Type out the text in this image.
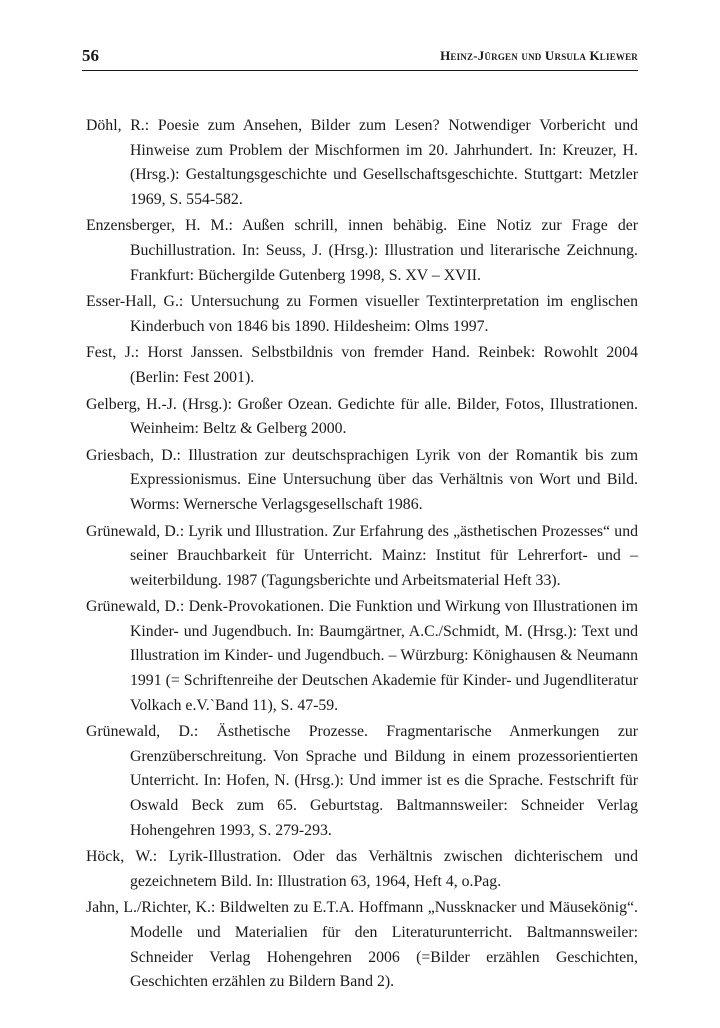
56	Heinz-Jürgen und Ursula Kliewer
Döhl, R.: Poesie zum Ansehen, Bilder zum Lesen? Notwendiger Vorbericht und Hinweise zum Problem der Mischformen im 20. Jahrhundert. In: Kreuzer, H. (Hrsg.): Gestaltungsgeschichte und Gesellschaftsgeschichte. Stuttgart: Metzler 1969, S. 554-582.
Enzensberger, H. M.: Außen schrill, innen behäbig. Eine Notiz zur Frage der Buchillustration. In: Seuss, J. (Hrsg.): Illustration und literarische Zeichnung. Frankfurt: Büchergilde Gutenberg 1998, S. XV – XVII.
Esser-Hall, G.: Untersuchung zu Formen visueller Textinterpretation im englischen Kinderbuch von 1846 bis 1890. Hildesheim: Olms 1997.
Fest, J.: Horst Janssen. Selbstbildnis von fremder Hand. Reinbek: Rowohlt 2004 (Berlin: Fest 2001).
Gelberg, H.-J. (Hrsg.): Großer Ozean. Gedichte für alle. Bilder, Fotos, Illustrationen. Weinheim: Beltz & Gelberg 2000.
Griesbach, D.: Illustration zur deutschsprachigen Lyrik von der Romantik bis zum Expressionismus. Eine Untersuchung über das Verhältnis von Wort und Bild. Worms: Wernersche Verlagsgesellschaft 1986.
Grünewald, D.: Lyrik und Illustration. Zur Erfahrung des „ästhetischen Prozesses“ und seiner Brauchbarkeit für Unterricht. Mainz: Institut für Lehrerfort- und –weiterbildung. 1987 (Tagungsberichte und Arbeitsmaterial Heft 33).
Grünewald, D.: Denk-Provokationen. Die Funktion und Wirkung von Illustrationen im Kinder- und Jugendbuch. In: Baumgärtner, A.C./Schmidt, M. (Hrsg.): Text und Illustration im Kinder- und Jugendbuch. – Würzburg: Könighausen & Neumann 1991 (= Schriftenreihe der Deutschen Akademie für Kinder- und Jugendliteratur Volkach e.V.`Band 11), S. 47-59.
Grünewald, D.: Ästhetische Prozesse. Fragmentarische Anmerkungen zur Grenzüberschreitung. Von Sprache und Bildung in einem prozessorientierten Unterricht. In: Hofen, N. (Hrsg.): Und immer ist es die Sprache. Festschrift für Oswald Beck zum 65. Geburtstag. Baltmannsweiler: Schneider Verlag Hohengehren 1993, S. 279-293.
Höck, W.: Lyrik-Illustration. Oder das Verhältnis zwischen dichterischem und gezeichnetem Bild. In: Illustration 63, 1964, Heft 4, o.Pag.
Jahn, L./Richter, K.: Bildwelten zu E.T.A. Hoffmann „Nussknacker und Mäusekönig“. Modelle und Materialien für den Literaturunterricht. Baltmannsweiler: Schneider Verlag Hohengehren 2006 (=Bilder erzählen Geschichten, Geschichten erzählen zu Bildern Band 2).
